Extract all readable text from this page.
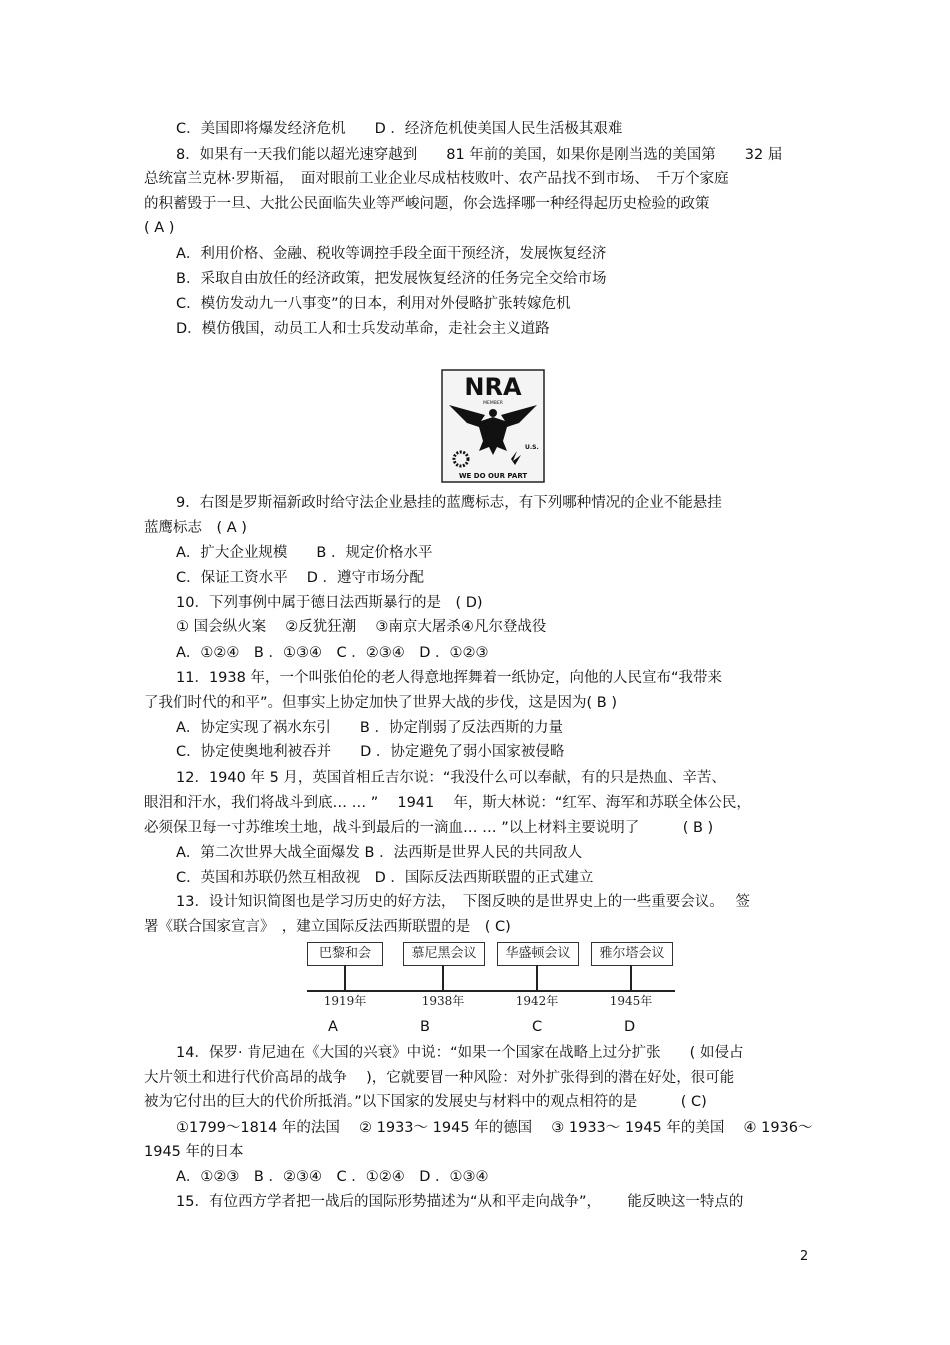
C．美国即将爆发经济危机　　D ．经济危机使美国人民生活极其艰难
8．如果有一天我们能以超光速穿越到　　81 年前的美国，如果你是刚当选的美国第　　32 届
总统富兰克林·罗斯福，　面对眼前工业企业尽成枯枝败叶、农产品找不到市场、　千万个家庭
的积蓄毁于一旦、大批公民面临失业等严峻问题，你会选择哪一种经得起历史检验的政策
( A )
A．利用价格、金融、税收等调控手段全面干预经济，发展恢复经济
B．采取自由放任的经济政策，把发展恢复经济的任务完全交给市场
C．模仿发动九一八事变”的日本，利用对外侵略扩张转嫁危机
D．模仿俄国，动员工人和士兵发动革命，走社会主义道路
NRA
MEMBER
U.S.
WE DO OUR PART
9．右图是罗斯福新政时给守法企业悬挂的蓝鹰标志，有下列哪种情况的企业不能悬挂
蓝鹰标志　( A )
A．扩大企业规模　　B ．规定价格水平
C．保证工资水平　 D ．遵守市场分配
10．下列事例中属于德日法西斯暴行的是　( D)
① 国会纵火案　 ②反犹狂潮　 ③南京大屠杀④凡尔登战役
A．①②④　B ．①③④　C ．②③④　D ．①②③
11．1938 年，一个叫张伯伦的老人得意地挥舞着一纸协定，向他的人民宣布“我带来
了我们时代的和平”。但事实上协定加快了世界大战的步伐，这是因为( B )
A．协定实现了祸水东引　　B ．协定削弱了反法西斯的力量
C．协定使奥地利被吞并　　D ．协定避免了弱小国家被侵略
12．1940 年 5 月，英国首相丘吉尔说：“我没什么可以奉献，有的只是热血、辛苦、
眼泪和汗水，我们将战斗到底… … ”　 1941　 年，斯大林说：“红军、海军和苏联全体公民，
必须保卫每一寸苏维埃土地，战斗到最后的一滴血… … ”以上材料主要说明了　　　( B )
A．第二次世界大战全面爆发 B ．法西斯是世界人民的共同敌人
C．英国和苏联仍然互相敌视　D ．国际反法西斯联盟的正式建立
13．设计知识简图也是学习历史的好方法，　下图反映的是世界史上的一些重要会议。　 签
署《联合国家宣言》　，建立国际反法西斯联盟的是　( C)
巴黎和会	慕尼黑会议	华盛顿会议	雅尔塔会议
1919年	1938年	1942年	1945年
A	B	C	D
14．保罗· 肯尼迪在《大国的兴衰》中说：“如果一个国家在战略上过分扩张　　( 如侵占
大片领土和进行代价高昂的战争　 )，它就要冒一种风险：对外扩张得到的潜在好处，很可能
被为它付出的巨大的代价所抵消。”以下国家的发展史与材料中的观点相符的是　　　( C)
①1799～1814 年的法国　 ② 1933～ 1945 年的德国　 ③ 1933～ 1945 年的美国　 ④ 1936～
1945 年的日本
A．①②③　B ．②③④　C ．①②④　D ．①③④
15．有位西方学者把一战后的国际形势描述为“从和平走向战争”，　　 能反映这一特点的
2
